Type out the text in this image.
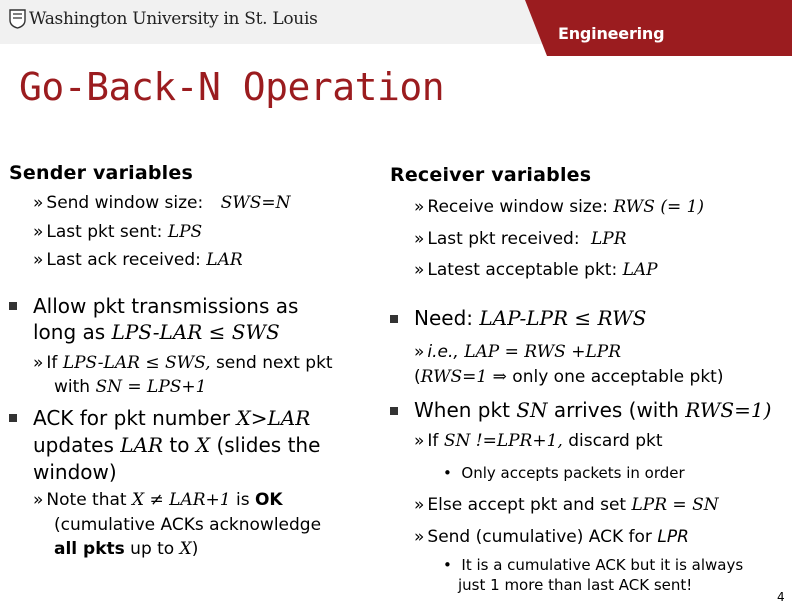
Washington University in St. Louis
Engineering
Go-Back-N Operation
Sender variables
» Send window size: SWS=N
» Last pkt sent: LPS
» Last ack received: LAR
Allow pkt transmissions as
long as LPS-LAR ≤ SWS
» If LPS-LAR ≤ SWS, send next pkt
with SN = LPS+1
ACK for pkt number X>LAR
updates LAR to X (slides the
window)
» Note that X ≠ LAR+1 is OK
(cumulative ACKs acknowledge
all pkts up to X)
Receiver variables
» Receive window size: RWS (= 1)
» Last pkt received: LPR
» Latest acceptable pkt: LAP
Need: LAP-LPR ≤ RWS
» i.e., LAP = RWS +LPR
(RWS=1 ⇒ only one acceptable pkt)
When pkt SN arrives (with RWS=1)
» If SN !=LPR+1, discard pkt
•  Only accepts packets in order
» Else accept pkt and set LPR = SN
» Send (cumulative) ACK for LPR
•  It is a cumulative ACK but it is always
just 1 more than last ACK sent!
4
